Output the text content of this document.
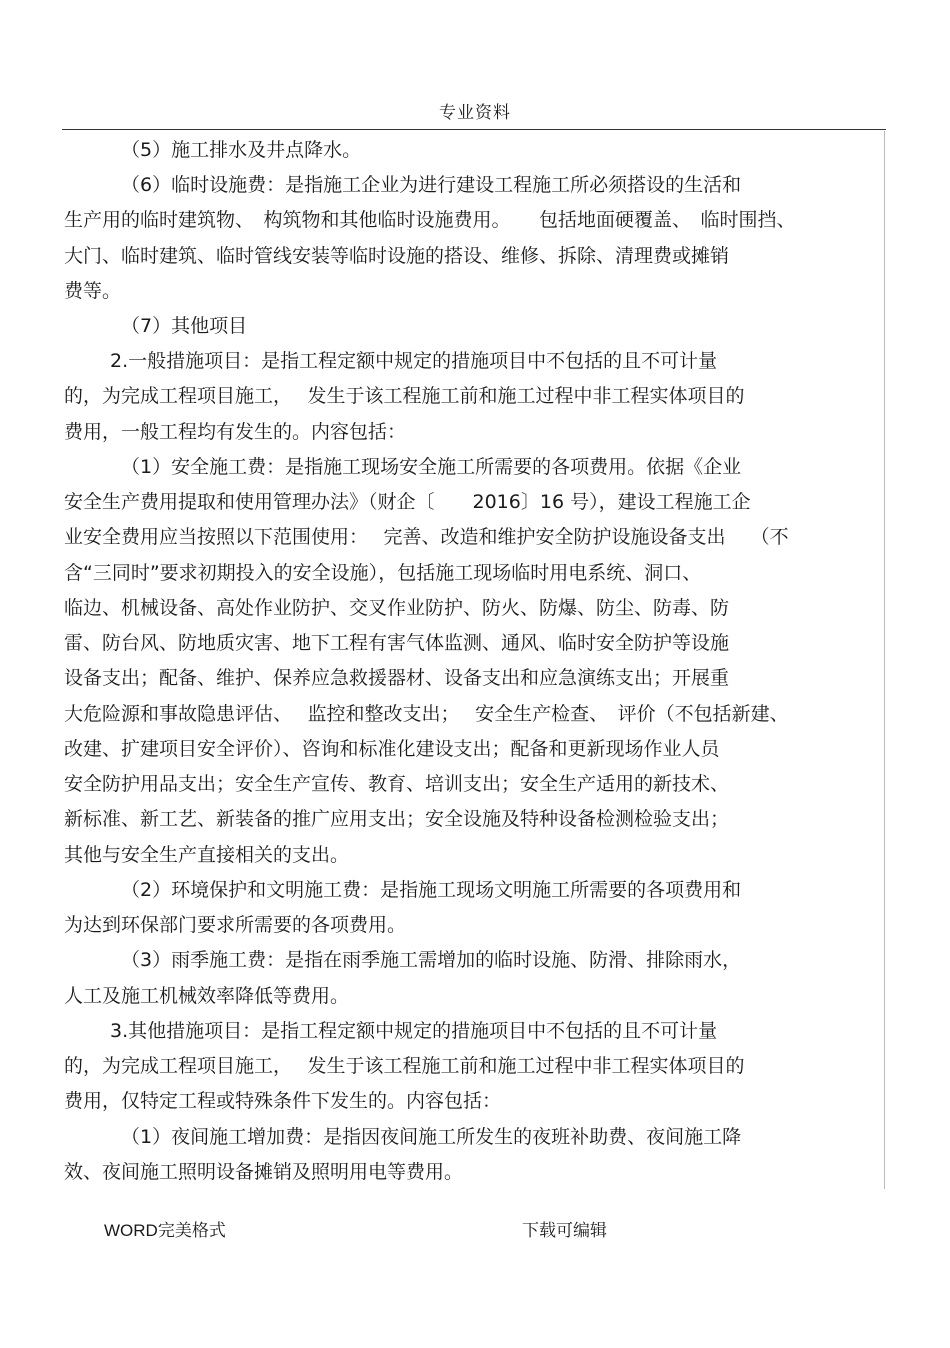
专业资料
（5）施工排水及井点降水。
（6）临时设施费：是指施工企业为进行建设工程施工所必须搭设的生活和
生产用的临时建筑物、　构筑物和其他临时设施费用。　　包括地面硬覆盖、　临时围挡、
大门、临时建筑、临时管线安装等临时设施的搭设、维修、拆除、清理费或摊销
费等。
（7）其他项目
2.一般措施项目：是指工程定额中规定的措施项目中不包括的且不可计量
的，为完成工程项目施工，　 发生于该工程施工前和施工过程中非工程实体项目的
费用，一般工程均有发生的。内容包括：
（1）安全施工费：是指施工现场安全施工所需要的各项费用。依据《企业
安全生产费用提取和使用管理办法》（财企〔　　2016〕16 号），建设工程施工企
业安全费用应当按照以下范围使用：　 完善、改造和维护安全防护设施设备支出　 （不
含“三同时”要求初期投入的安全设施），包括施工现场临时用电系统、洞口、
临边、机械设备、高处作业防护、交叉作业防护、防火、防爆、防尘、防毒、防
雷、防台风、防地质灾害、地下工程有害气体监测、通风、临时安全防护等设施
设备支出；配备、维护、保养应急救援器材、设备支出和应急演练支出；开展重
大危险源和事故隐患评估、　 监控和整改支出；　 安全生产检查、　评价（不包括新建、
改建、扩建项目安全评价）、咨询和标准化建设支出；配备和更新现场作业人员
安全防护用品支出；安全生产宣传、教育、培训支出；安全生产适用的新技术、
新标准、新工艺、新装备的推广应用支出；安全设施及特种设备检测检验支出；
其他与安全生产直接相关的支出。
（2）环境保护和文明施工费：是指施工现场文明施工所需要的各项费用和
为达到环保部门要求所需要的各项费用。
（3）雨季施工费：是指在雨季施工需增加的临时设施、防滑、排除雨水，
人工及施工机械效率降低等费用。
3.其他措施项目：是指工程定额中规定的措施项目中不包括的且不可计量
的，为完成工程项目施工，　 发生于该工程施工前和施工过程中非工程实体项目的
费用，仅特定工程或特殊条件下发生的。内容包括：
（1）夜间施工增加费：是指因夜间施工所发生的夜班补助费、夜间施工降
效、夜间施工照明设备摊销及照明用电等费用。
WORD完美格式	下载可编辑
